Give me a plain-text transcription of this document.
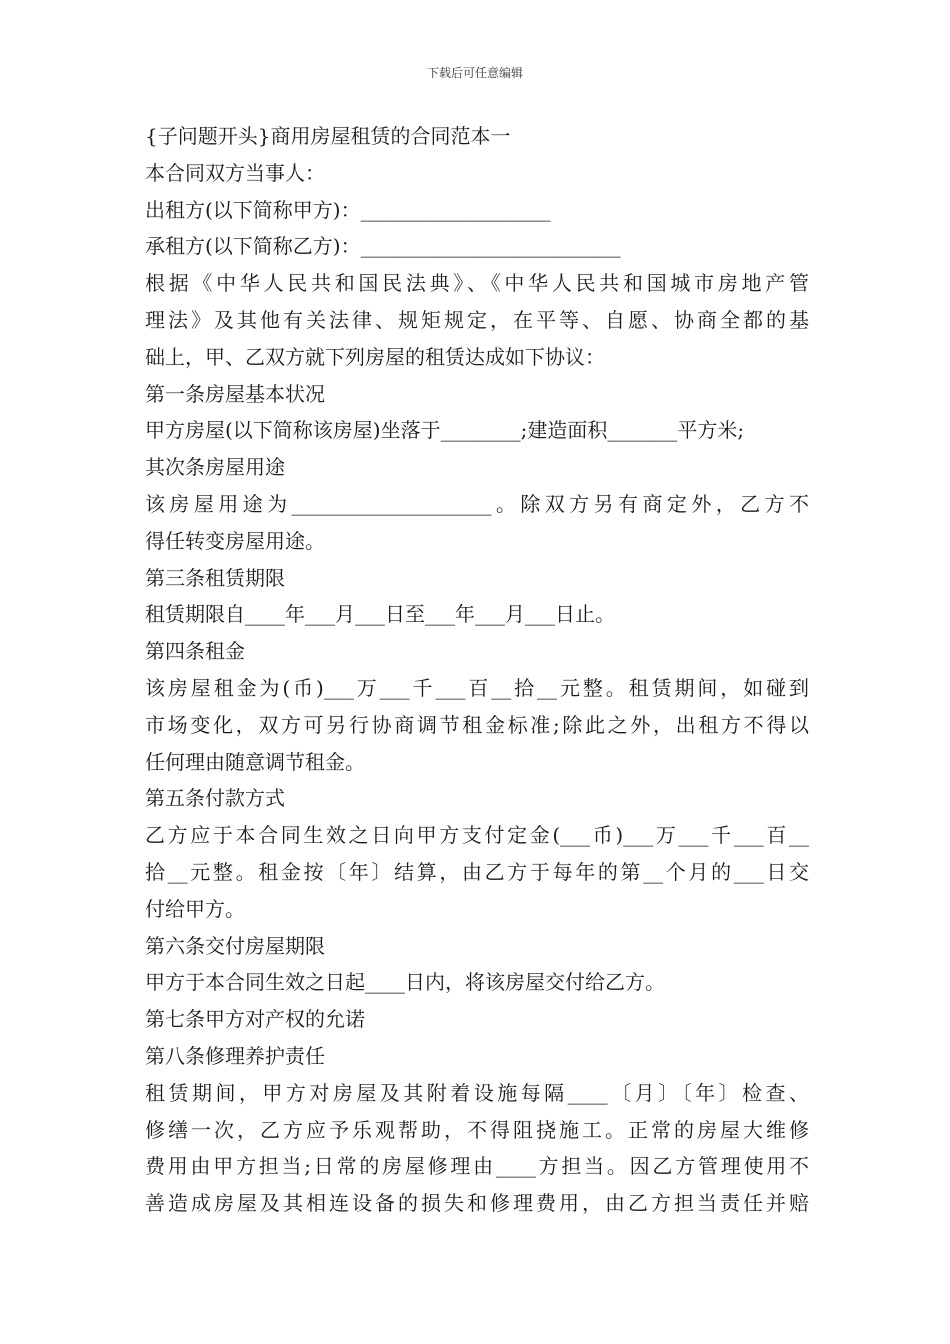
下载后可任意编辑
{子问题开头}商用房屋租赁的合同范本一
本合同双方当事人：
出租方(以下简称甲方)：___________________
承租方(以下简称乙方)：__________________________
根据《中华人民共和国民法典》、《中华人民共和国城市房地产管
理法》及其他有关法律、规矩规定，在平等、自愿、协商全都的基
础上，甲、乙双方就下列房屋的租赁达成如下协议：
第一条房屋基本状况
甲方房屋(以下简称该房屋)坐落于________;建造面积_______平方米;
其次条房屋用途
该房屋用途为____________________。除双方另有商定外，乙方不
得任转变房屋用途。
第三条租赁期限
租赁期限自____年___月___日至___年___月___日止。
第四条租金
该房屋租金为(币)___万___千___百__拾__元整。租赁期间，如碰到
市场变化，双方可另行协商调节租金标准;除此之外，出租方不得以
任何理由随意调节租金。
第五条付款方式
乙方应于本合同生效之日向甲方支付定金(___币)___万___千___百__
拾__元整。租金按〔年〕结算，由乙方于每年的第__个月的___日交
付给甲方。
第六条交付房屋期限
甲方于本合同生效之日起____日内，将该房屋交付给乙方。
第七条甲方对产权的允诺
第八条修理养护责任
租赁期间，甲方对房屋及其附着设施每隔____〔月〕〔年〕检查、
修缮一次，乙方应予乐观帮助，不得阻挠施工。正常的房屋大维修
费用由甲方担当;日常的房屋修理由____方担当。因乙方管理使用不
善造成房屋及其相连设备的损失和修理费用，由乙方担当责任并赔
